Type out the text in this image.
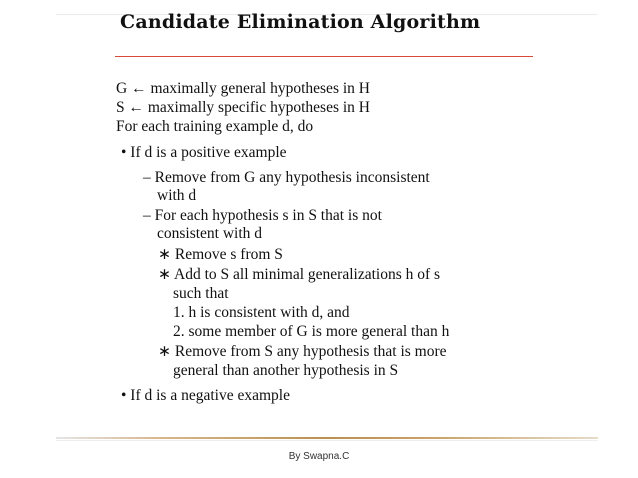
Candidate Elimination Algorithm
G ← maximally general hypotheses in H
S ← maximally specific hypotheses in H
For each training example d, do
• If d is a positive example
– Remove from G any hypothesis inconsistent
with d
– For each hypothesis s in S that is not
consistent with d
∗ Remove s from S
∗ Add to S all minimal generalizations h of s
such that
1. h is consistent with d, and
2. some member of G is more general than h
∗ Remove from S any hypothesis that is more
general than another hypothesis in S
• If d is a negative example
By Swapna.C
